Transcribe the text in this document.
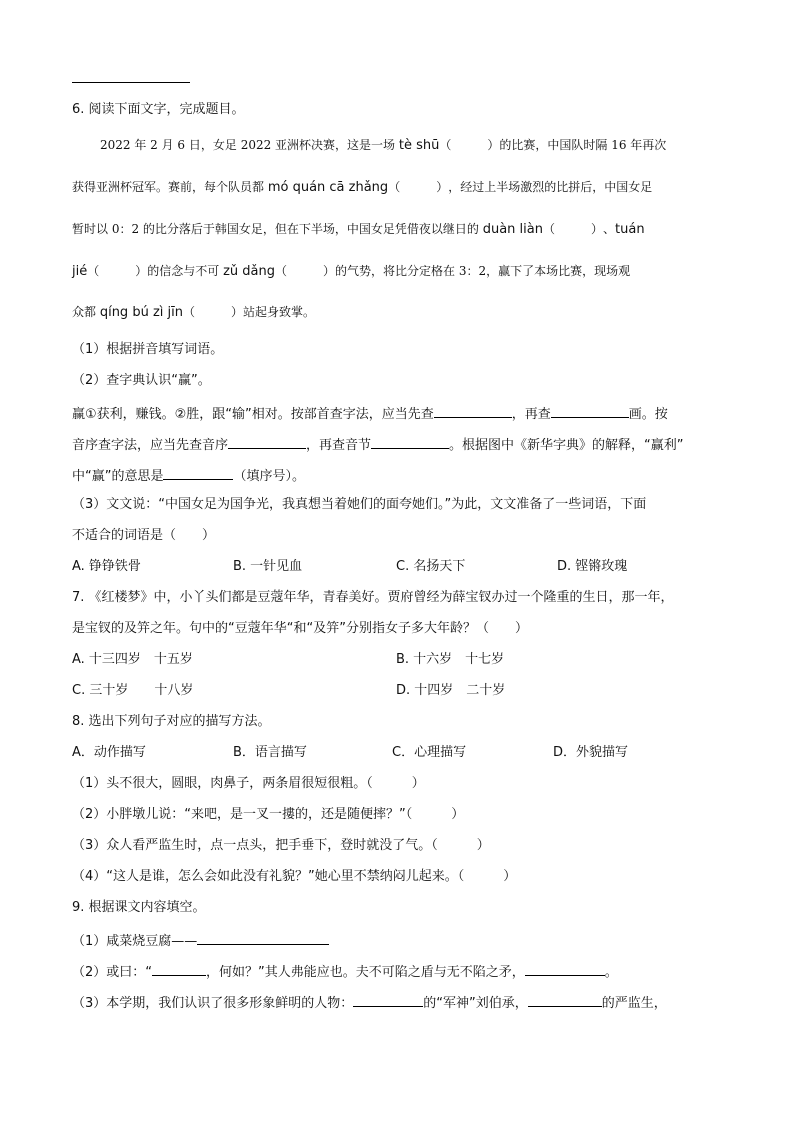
6. 阅读下面文字，完成题目。
2022 年 2 月 6 日，女足 2022 亚洲杯决赛，这是一场 tè shū（　　　）的比赛，中国队时隔 16 年再次
获得亚洲杯冠军。赛前，每个队员都 mó quán cā zhǎng（　　　），经过上半场激烈的比拼后，中国女足
暂时以 0：2 的比分落后于韩国女足，但在下半场，中国女足凭借夜以继日的 duàn liàn（　　　）、tuán
jié（　　　）的信念与不可 zǔ dǎng（　　　）的气势，将比分定格在 3：2，赢下了本场比赛，现场观
众都 qíng bú zì jīn（　　　）站起身致掌。
（1）根据拼音填写词语。
（2）查字典认识“赢”。
赢①获利，赚钱。②胜，跟“输”相对。按部首查字法，应当先查	，再查	画。按
音序查字法，应当先查音序	，再查音节	。根据图中《新华字典》的解释，“赢利”
中“赢”的意思是	（填序号）。
（3）文文说：“中国女足为国争光，我真想当着她们的面夸她们。”为此，文文准备了一些词语，下面
不适合的词语是（　　）
A. 铮铮铁骨	B. 一针见血	C. 名扬天下	D. 铿锵玫瑰
7. 《红楼梦》中，小丫头们都是豆蔻年华，青春美好。贾府曾经为薛宝钗办过一个隆重的生日，那一年，
是宝钗的及笄之年。句中的“豆蔻年华“和“及笄”分别指女子多大年龄？（　　）
A. 十三四岁　十五岁	B. 十六岁　十七岁
C. 三十岁　　十八岁	D. 十四岁　二十岁
8. 选出下列句子对应的描写方法。
A．动作描写	B．语言描写	C．心理描写	D．外貌描写
（1）头不很大，圆眼，肉鼻子，两条眉很短很粗。（　　　）
（2）小胖墩儿说：“来吧，是一叉一摟的，还是随便摔？”（　　　）
（3）众人看严监生时，点一点头，把手垂下，登时就没了气。（　　　）
（4）“这人是谁，怎么会如此没有礼貌？”她心里不禁纳闷儿起来。（　　　）
9. 根据课文内容填空。
（1）咸菜烧豆腐——
（2）或曰：“	，何如？”其人弗能应也。夫不可陷之盾与无不陷之矛，	。
（3）本学期，我们认识了很多形象鲜明的人物：	的“军神”刘伯承，	的严监生，
